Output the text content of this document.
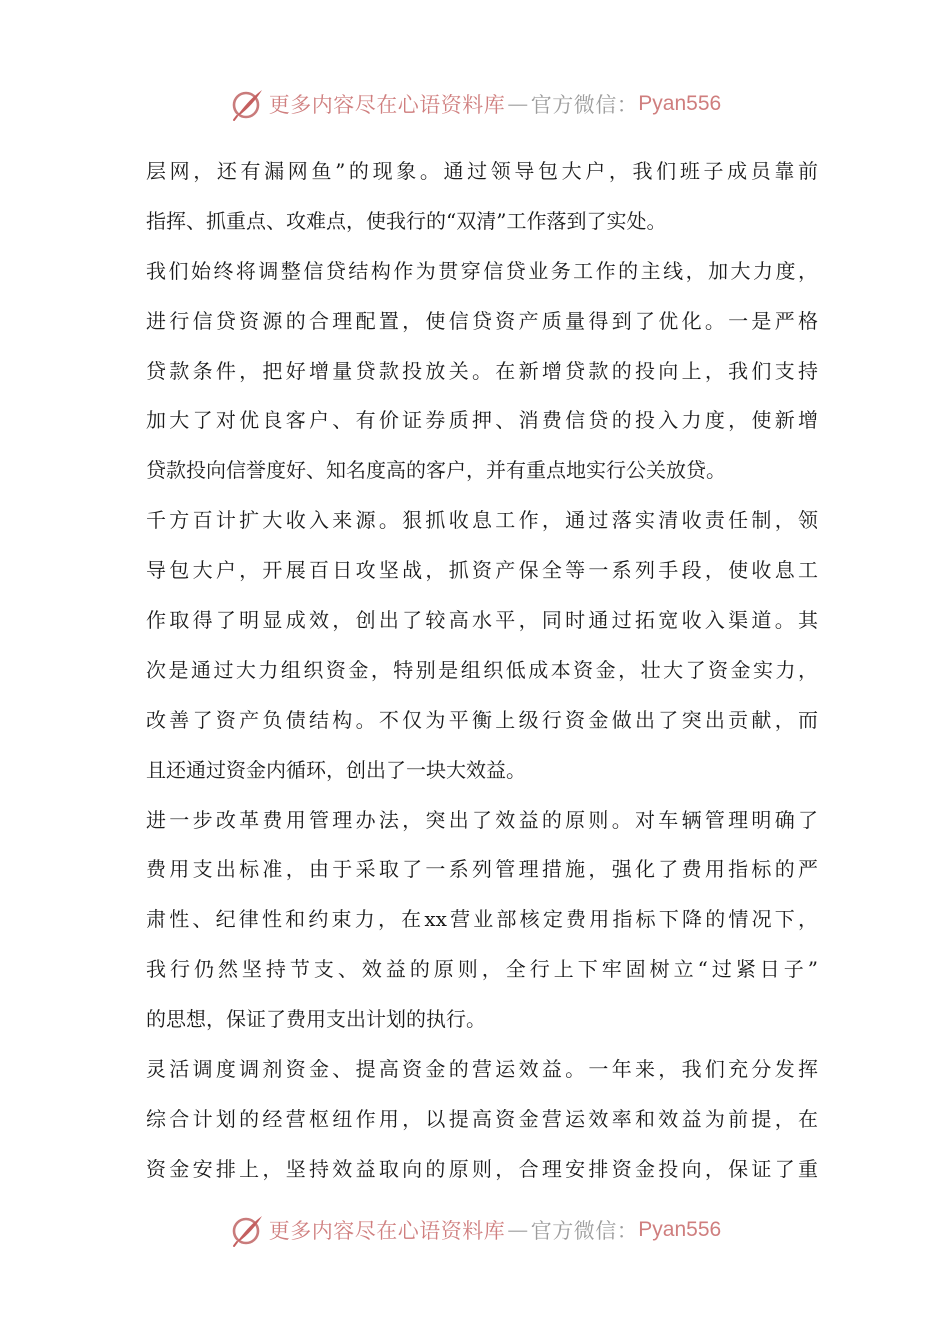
更多内容尽在心语资料库 — 官方微信： Pyan556
层网，还有漏网鱼”的现象。通过领导包大户，我们班子成员靠前
指挥、抓重点、攻难点，使我行的“双清”工作落到了实处。
我们始终将调整信贷结构作为贯穿信贷业务工作的主线，加大力度，
进行信贷资源的合理配置，使信贷资产质量得到了优化。一是严格
贷款条件，把好增量贷款投放关。在新增贷款的投向上，我们支持
加大了对优良客户、有价证券质押、消费信贷的投入力度，使新增
贷款投向信誉度好、知名度高的客户，并有重点地实行公关放贷。
千方百计扩大收入来源。狠抓收息工作，通过落实清收责任制，领
导包大户，开展百日攻坚战，抓资产保全等一系列手段，使收息工
作取得了明显成效，创出了较高水平，同时通过拓宽收入渠道。其
次是通过大力组织资金，特别是组织低成本资金，壮大了资金实力，
改善了资产负债结构。不仅为平衡上级行资金做出了突出贡献，而
且还通过资金内循环，创出了一块大效益。
进一步改革费用管理办法，突出了效益的原则。对车辆管理明确了
费用支出标准，由于采取了一系列管理措施，强化了费用指标的严
肃性、纪律性和约束力，在xx营业部核定费用指标下降的情况下，
我行仍然坚持节支、效益的原则，全行上下牢固树立“过紧日子”
的思想，保证了费用支出计划的执行。
灵活调度调剂资金、提高资金的营运效益。一年来，我们充分发挥
综合计划的经营枢纽作用，以提高资金营运效率和效益为前提，在
资金安排上，坚持效益取向的原则，合理安排资金投向，保证了重
更多内容尽在心语资料库 — 官方微信： Pyan556
